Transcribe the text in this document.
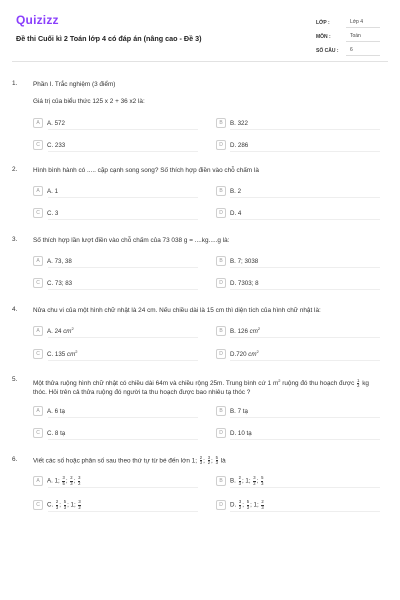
Quizizz
Đề thi Cuối kì 2 Toán lớp 4 có đáp án (nâng cao - Đề 3)
LỚP :	Lớp 4
MÔN :	Toán
SỐ CÂU :	6
1. Phần I. Trắc nghiệm (3 điểm)
Giá trị của biểu thức 125 x 2 + 36 x2 là:
A	A. 572	B	B. 322
C	C. 233	D	D. 286
2. Hình bình hành có ..... cặp cạnh song song? Số thích hợp điền vào chỗ chấm là
A	A. 1	B	B. 2
C	C. 3	D	D. 4
3. Số thích hợp lần lượt điền vào chỗ chấm của 73 038 g = ....kg.....g là:
A	A. 73, 38	B	B. 7; 3038
C	C. 73; 83	D	D. 7303; 8
4. Nửa chu vi của một hình chữ nhật là 24 cm. Nếu chiều dài là 15 cm thì diện tích của hình chữ nhật là:
A	A. 24 $cm^2$	B	B. 126 $cm^2$
C	C. 135 $cm^2$	D	D.720 $cm^2$
5.
Một thửa ruộng hình chữ nhật có chiều dài 64m và chiều rộng 25m. Trung bình cứ 1 $m^2$ ruộng đó thu hoạch được $\frac{1}{2}$ kg thóc. Hỏi trên cả thửa ruộng đó người ta thu hoạch được bao nhiêu tạ thóc ?
A	A. 6 tạ	B	B. 7 tạ
C	C. 8 tạ	D	D. 10 tạ
6. Viết các số hoặc phân số sau theo thứ tự từ bé đến lớn 1; $\frac{2}{3}$ ; $\frac{3}{2}$ ; $\frac{5}{3}$ là
A	A. 1; $\frac{3}{5}$ ; $\frac{2}{3}$ ; $\frac{3}{2}$	B	B. $\frac{2}{3}$ ; 1; $\frac{3}{2}$ ; $\frac{5}{3}$
C	C. $\frac{2}{3}$ ; $\frac{5}{3}$ ; 1; $\frac{3}{2}$	D	D. $\frac{3}{2}$ ; $\frac{5}{3}$ ; 1; $\frac{2}{3}$
